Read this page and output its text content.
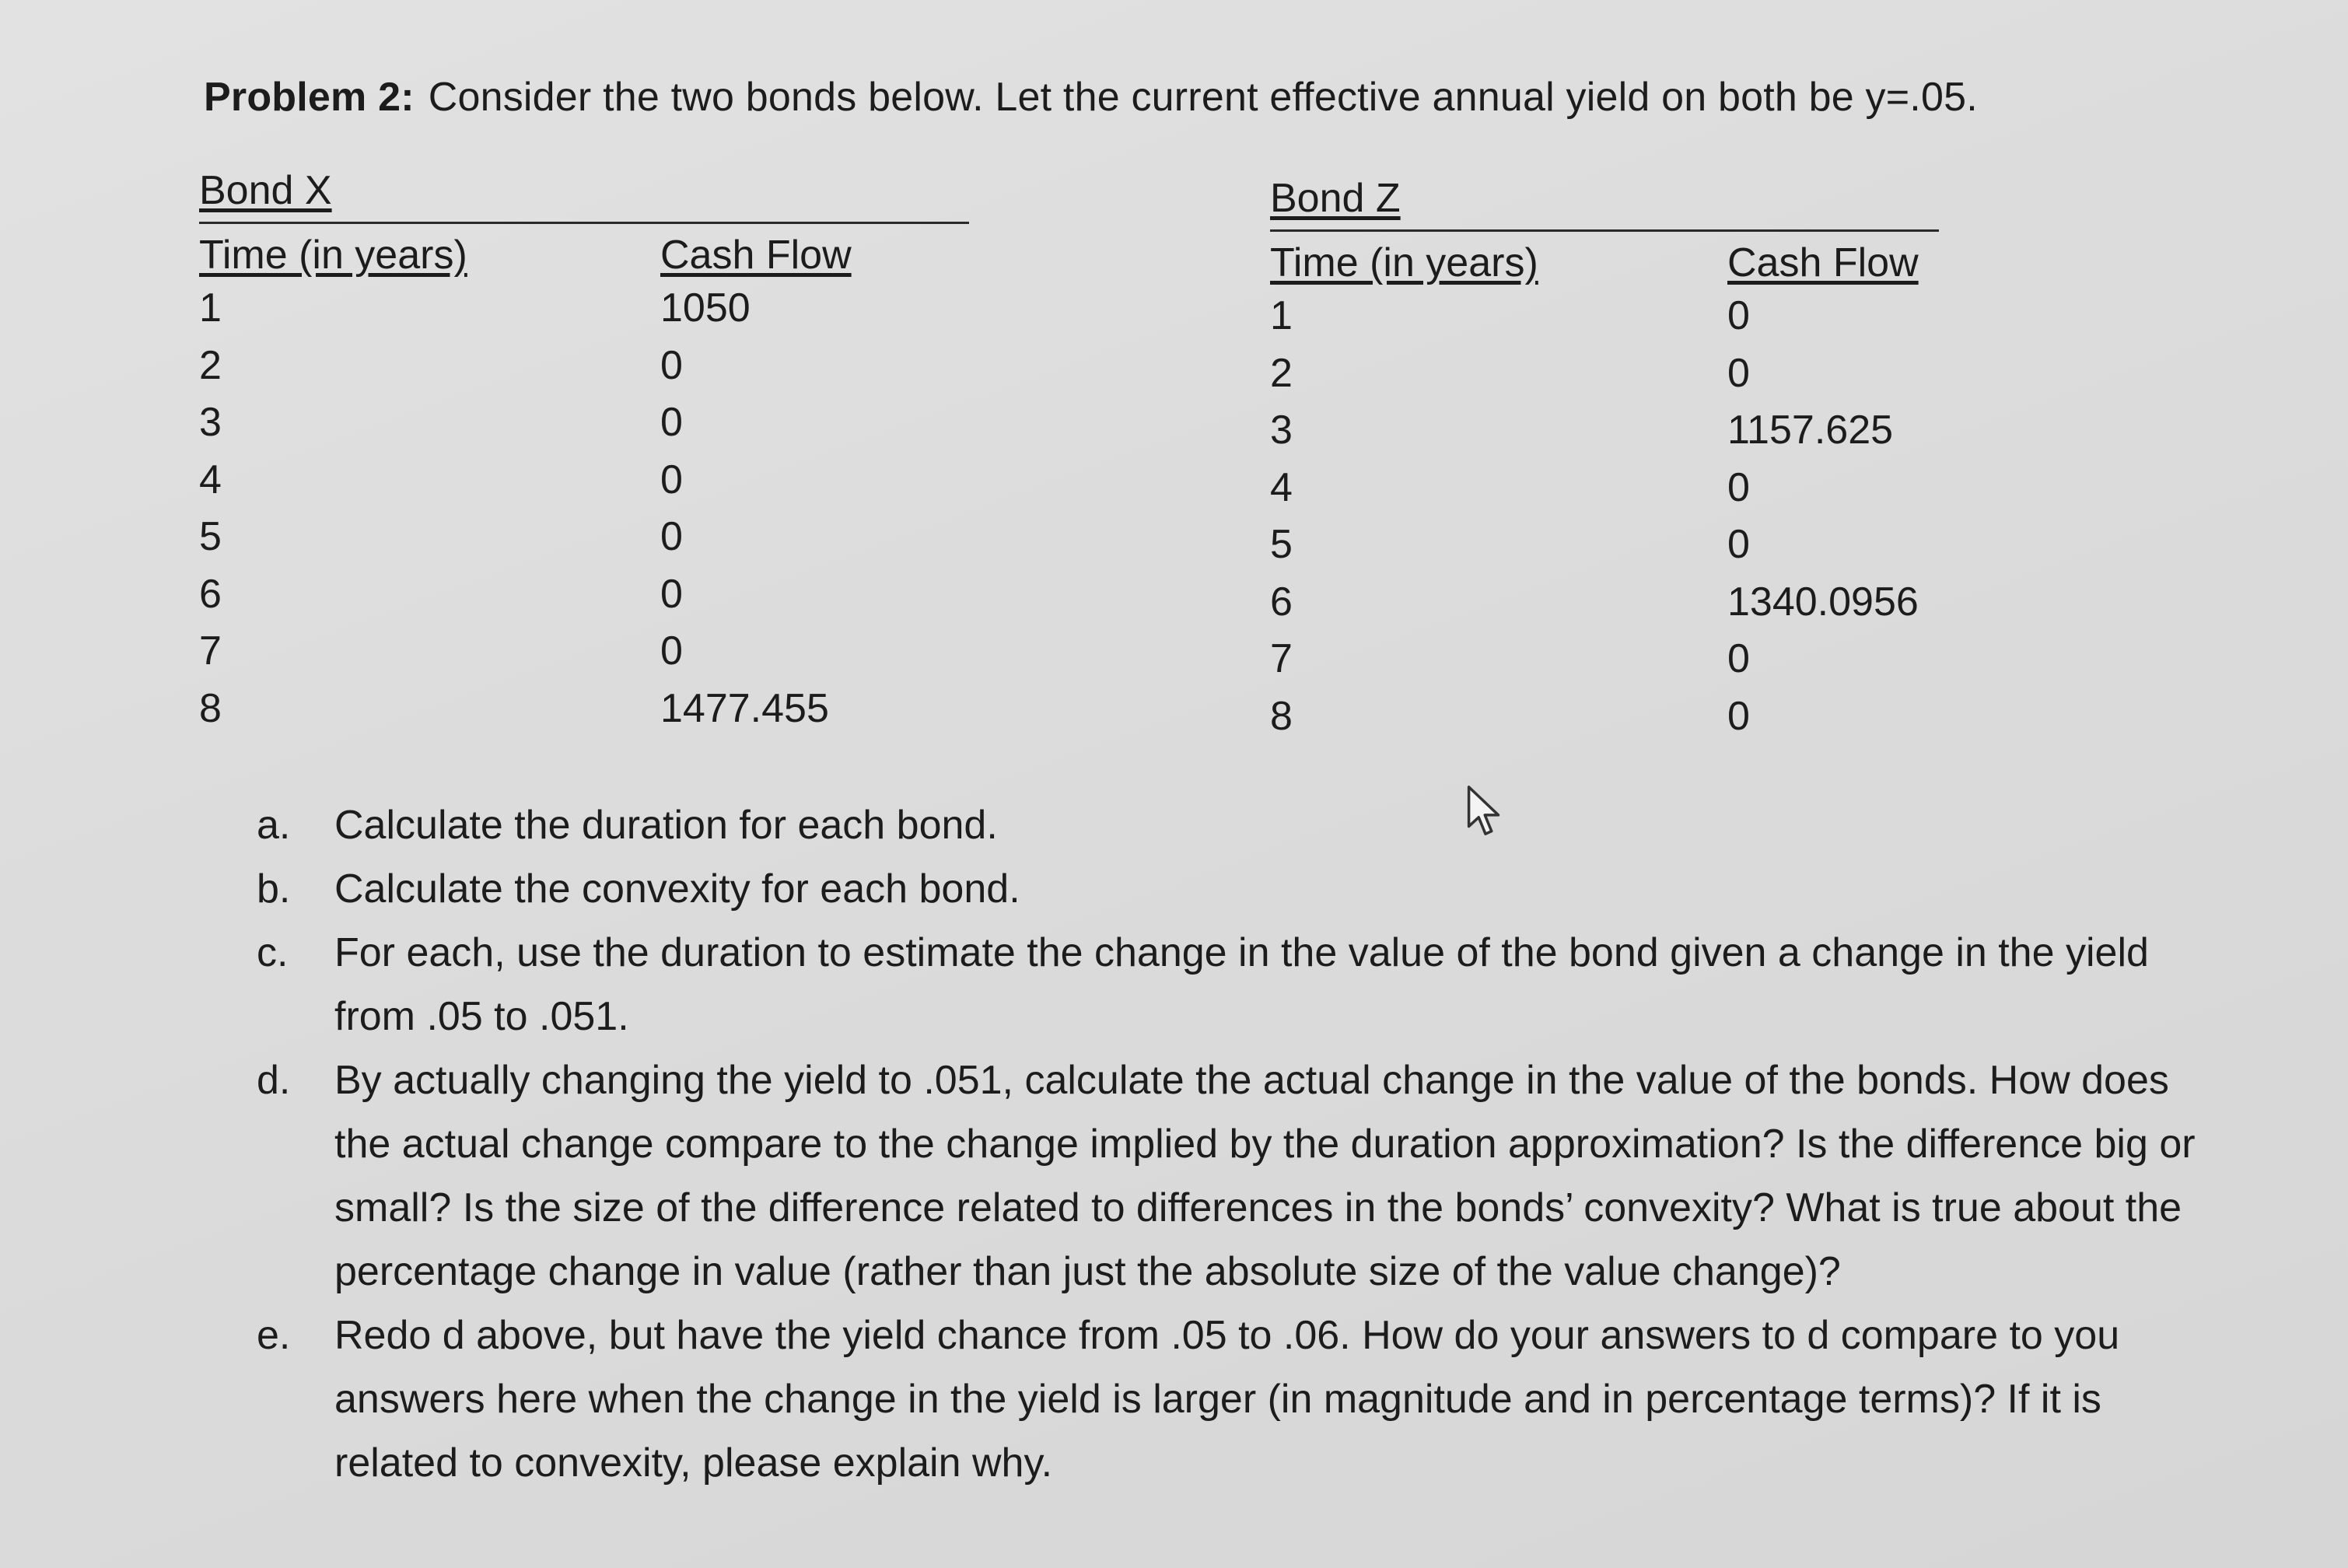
Problem 2: Consider the two bonds below. Let the current effective annual yield on both be y=.05.
Bond X
Time (in years)	Cash Flow
1	1050
2	0
3	0
4	0
5	0
6	0
7	0
8	1477.455
Bond Z
Time (in years)	Cash Flow
1	0
2	0
3	1157.625
4	0
5	0
6	1340.0956
7	0
8	0
a. Calculate the duration for each bond.
b. Calculate the convexity for each bond.
c. For each, use the duration to estimate the change in the value of the bond given a change in the yield from .05 to .051.
d. By actually changing the yield to .051, calculate the actual change in the value of the bonds. How does the actual change compare to the change implied by the duration approximation? Is the difference big or small? Is the size of the difference related to differences in the bonds’ convexity? What is true about the percentage change in value (rather than just the absolute size of the value change)?
e. Redo d above, but have the yield chance from .05 to .06. How do your answers to d compare to you answers here when the change in the yield is larger (in magnitude and in percentage terms)? If it is related to convexity, please explain why.
